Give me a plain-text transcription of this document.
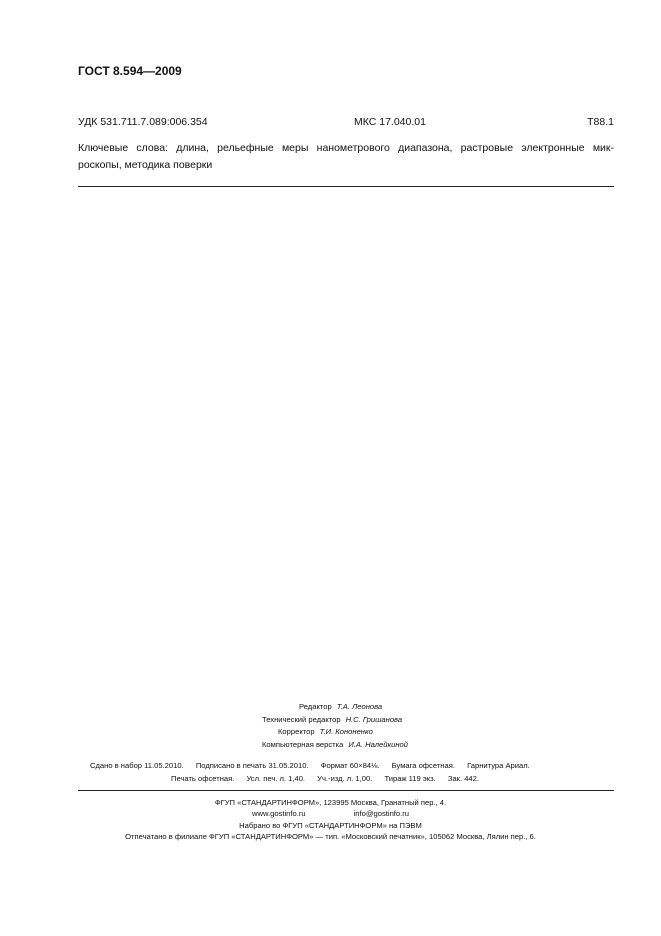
ГОСТ 8.594—2009
УДК 531.711.7.089:006.354	МКС 17.040.01	Т88.1
Ключевые слова: длина, рельефные меры нанометрового диапазона, растровые электронные мик-
роскопы, методика поверки
Редактор Т.А. Леонова
Технический редактор Н.С. Гришанова
Корректор Т.И. Кононенко
Компьютерная верстка И.А. Налейкиной
Сдано в набор 11.05.2010. Подписано в печать 31.05.2010. Формат 60×84⅛. Бумага офсетная. Гарнитура Ариал.
Печать офсетная. Усл. печ. л. 1,40. Уч.-изд. л. 1,00. Тираж 119 экз. Зак. 442.
ФГУП «СТАНДАРТИНФОРМ», 123995 Москва, Гранатный пер., 4.
www.gostinfo.ru	info@gostinfo.ru
Набрано во ФГУП «СТАНДАРТИНФОРМ» на ПЭВМ
Отпечатано в филиале ФГУП «СТАНДАРТИНФОРМ» — тип. «Московский печатник», 105062 Москва, Лялин пер., 6.
